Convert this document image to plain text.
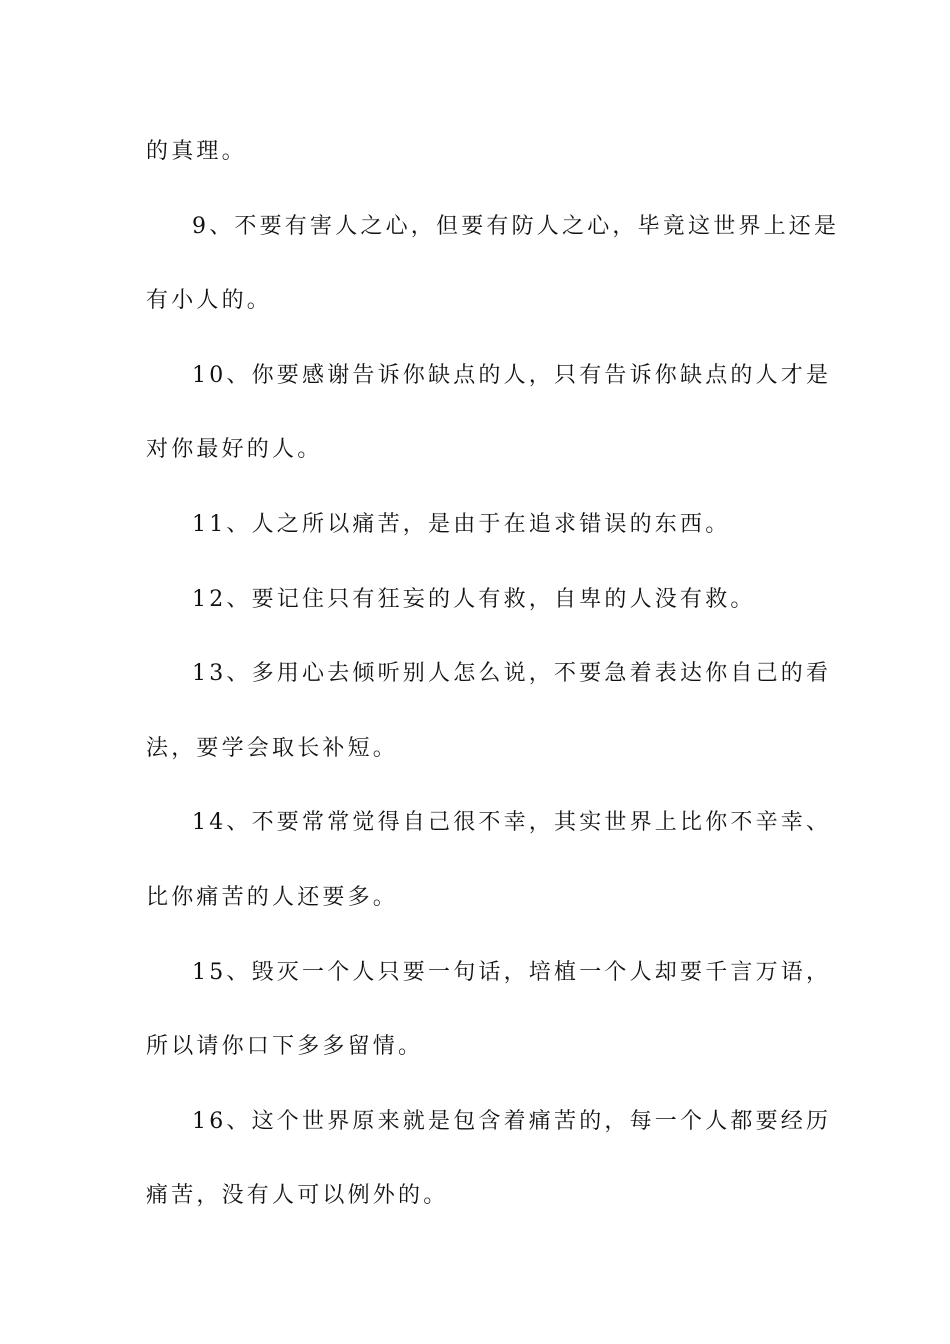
的真理。
9、不要有害人之心，但要有防人之心，毕竟这世界上还是
有小人的。
10、你要感谢告诉你缺点的人，只有告诉你缺点的人才是
对你最好的人。
11、人之所以痛苦，是由于在追求错误的东西。
12、要记住只有狂妄的人有救，自卑的人没有救。
13、多用心去倾听别人怎么说，不要急着表达你自己的看
法，要学会取长补短。
14、不要常常觉得自己很不幸，其实世界上比你不辛幸、
比你痛苦的人还要多。
15、毁灭一个人只要一句话，培植一个人却要千言万语，
所以请你口下多多留情。
16、这个世界原来就是包含着痛苦的，每一个人都要经历
痛苦，没有人可以例外的。
